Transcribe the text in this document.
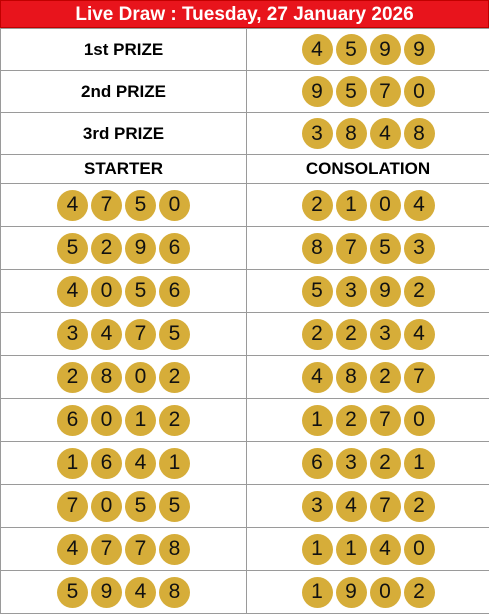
Live Draw : Tuesday, 27 January 2026
1st PRIZE	4 5 9 9

2nd PRIZE	9 5 7 0

3rd PRIZE	3 8 4 8

STARTER	CONSOLATION

4 7 5 0	2 1 0 4

5 2 9 6	8 7 5 3

4 0 5 6	5 3 9 2

3 4 7 5	2 2 3 4

2 8 0 2	4 8 2 7

6 0 1 2	1 2 7 0

1 6 4 1	6 3 2 1

7 0 5 5	3 4 7 2

4 7 7 8	1 1 4 0

5 9 4 8	1 9 0 2
